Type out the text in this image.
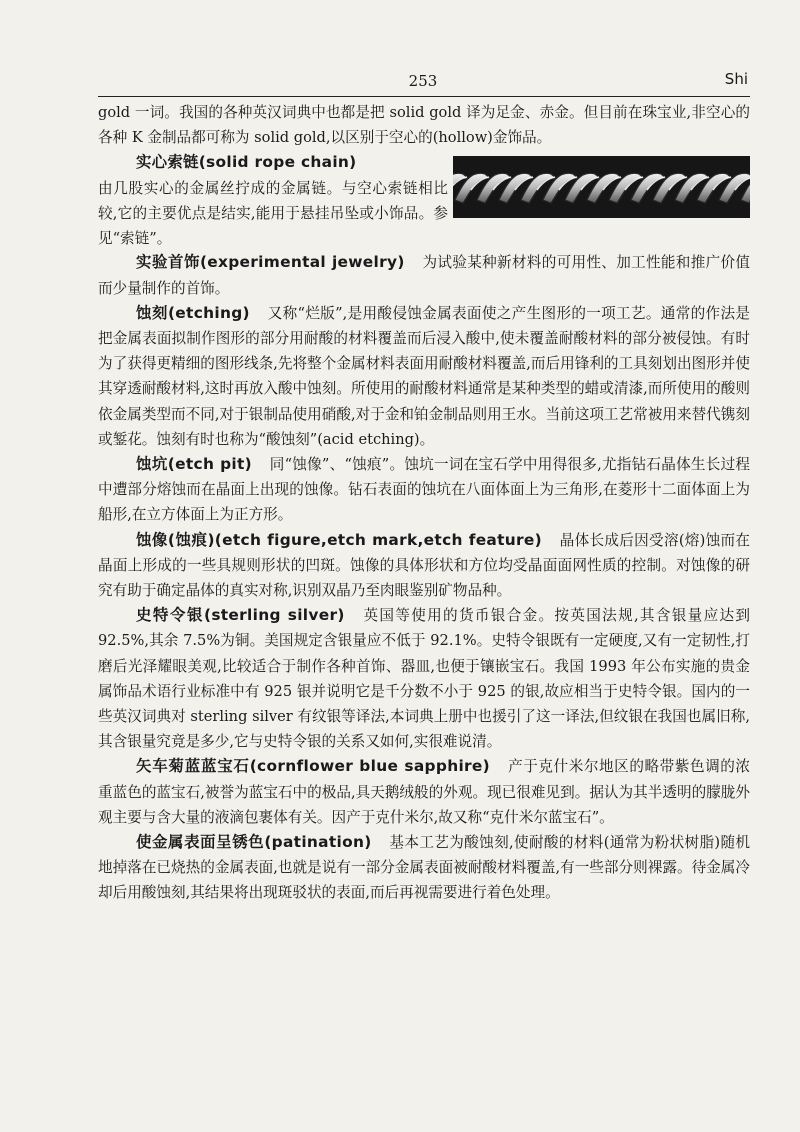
253	Shi

gold 一词。我国的各种英汉词典中也都是把 solid gold 译为足金、赤金。但目前在珠宝业,非空心的各种 K 金制品都可称为 solid gold,以区别于空心的(hollow)金饰品。

实心索链(solid rope chain)

由几股实心的金属丝拧成的金属链。与空心索链相比较,它的主要优点是结实,能用于悬挂吊坠或小饰品。参见“索链”。

实验首饰(experimental jewelry) 为试验某种新材料的可用性、加工性能和推广价值而少量制作的首饰。

蚀刻(etching) 又称“烂版”,是用酸侵蚀金属表面使之产生图形的一项工艺。通常的作法是把金属表面拟制作图形的部分用耐酸的材料覆盖而后浸入酸中,使未覆盖耐酸材料的部分被侵蚀。有时为了获得更精细的图形线条,先将整个金属材料表面用耐酸材料覆盖,而后用锋利的工具刻划出图形并使其穿透耐酸材料,这时再放入酸中蚀刻。所使用的耐酸材料通常是某种类型的蜡或清漆,而所使用的酸则依金属类型而不同,对于银制品使用硝酸,对于金和铂金制品则用王水。当前这项工艺常被用来替代镌刻或錾花。蚀刻有时也称为“酸蚀刻”(acid etching)。

蚀坑(etch pit) 同“蚀像”、“蚀痕”。蚀坑一词在宝石学中用得很多,尤指钻石晶体生长过程中遭部分熔蚀而在晶面上出现的蚀像。钻石表面的蚀坑在八面体面上为三角形,在菱形十二面体面上为船形,在立方体面上为正方形。

蚀像(蚀痕)(etch figure,etch mark,etch feature) 晶体长成后因受溶(熔)蚀而在晶面上形成的一些具规则形状的凹斑。蚀像的具体形状和方位均受晶面面网性质的控制。对蚀像的研究有助于确定晶体的真实对称,识别双晶乃至肉眼鉴别矿物品种。

史特令银(sterling silver) 英国等使用的货币银合金。按英国法规,其含银量应达到 92.5%,其余 7.5%为铜。美国规定含银量应不低于 92.1%。史特令银既有一定硬度,又有一定韧性,打磨后光泽耀眼美观,比较适合于制作各种首饰、器皿,也便于镶嵌宝石。我国 1993 年公布实施的贵金属饰品术语行业标准中有 925 银并说明它是千分数不小于 925 的银,故应相当于史特令银。国内的一些英汉词典对 sterling silver 有纹银等译法,本词典上册中也援引了这一译法,但纹银在我国也属旧称,其含银量究竟是多少,它与史特令银的关系又如何,实很难说清。

矢车菊蓝蓝宝石(cornflower blue sapphire) 产于克什米尔地区的略带紫色调的浓重蓝色的蓝宝石,被誉为蓝宝石中的极品,具天鹅绒般的外观。现已很难见到。据认为其半透明的朦胧外观主要与含大量的液滴包裹体有关。因产于克什米尔,故又称“克什米尔蓝宝石”。

使金属表面呈锈色(patination) 基本工艺为酸蚀刻,使耐酸的材料(通常为粉状树脂)随机地掉落在已烧热的金属表面,也就是说有一部分金属表面被耐酸材料覆盖,有一些部分则裸露。待金属冷却后用酸蚀刻,其结果将出现斑驳状的表面,而后再视需要进行着色处理。
